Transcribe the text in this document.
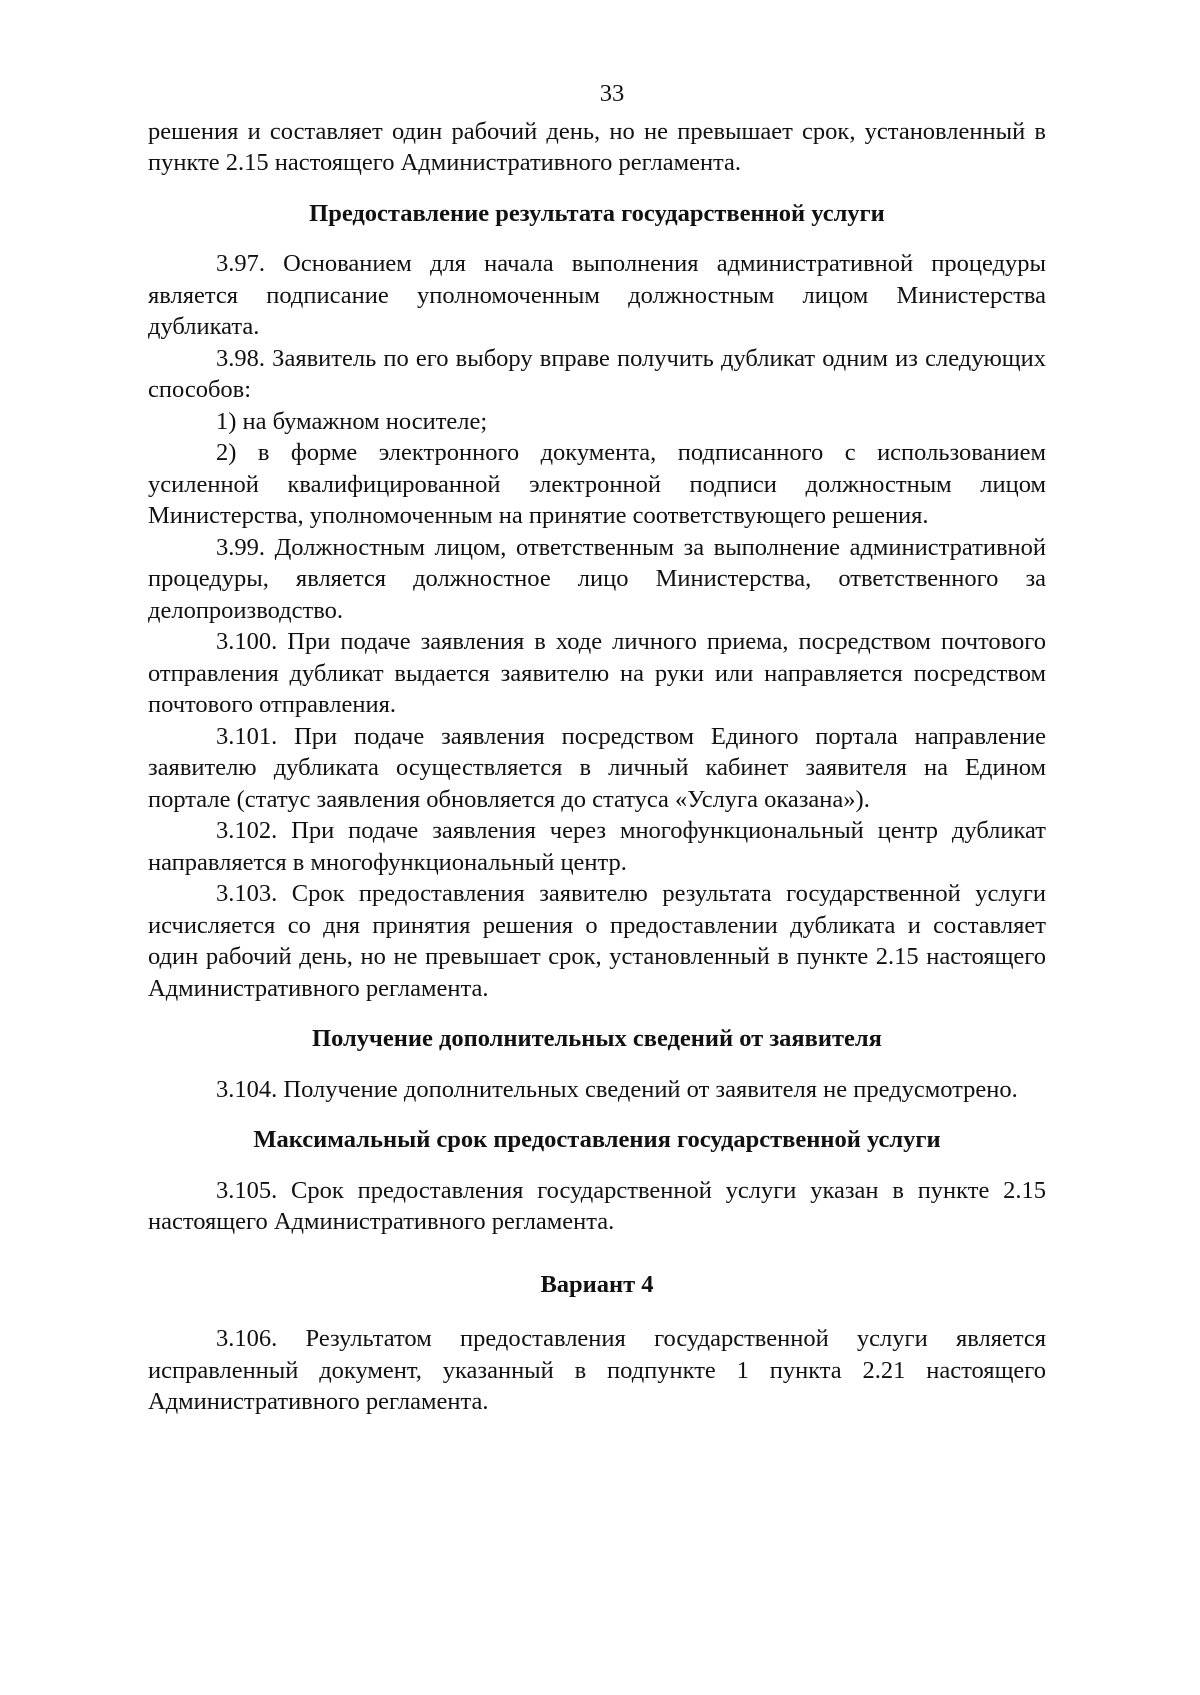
33

решения и составляет один рабочий день, но не превышает срок, установленный в пункте 2.15 настоящего Административного регламента.

Предоставление результата государственной услуги

3.97. Основанием для начала выполнения административной процедуры является подписание уполномоченным должностным лицом Министерства дубликата.

3.98. Заявитель по его выбору вправе получить дубликат одним из следующих способов:

1) на бумажном носителе;

2) в форме электронного документа, подписанного с использованием усиленной квалифицированной электронной подписи должностным лицом Министерства, уполномоченным на принятие соответствующего решения.

3.99. Должностным лицом, ответственным за выполнение административной процедуры, является должностное лицо Министерства, ответственного за делопроизводство.

3.100. При подаче заявления в ходе личного приема, посредством почтового отправления дубликат выдается заявителю на руки или направляется посредством почтового отправления.

3.101. При подаче заявления посредством Единого портала направление заявителю дубликата осуществляется в личный кабинет заявителя на Едином портале (статус заявления обновляется до статуса «Услуга оказана»).

3.102. При подаче заявления через многофункциональный центр дубликат направляется в многофункциональный центр.

3.103. Срок предоставления заявителю результата государственной услуги исчисляется со дня принятия решения о предоставлении дубликата и составляет один рабочий день, но не превышает срок, установленный в пункте 2.15 настоящего Административного регламента.

Получение дополнительных сведений от заявителя

3.104. Получение дополнительных сведений от заявителя не предусмотрено.

Максимальный срок предоставления государственной услуги

3.105. Срок предоставления государственной услуги указан в пункте 2.15 настоящего Административного регламента.

Вариант 4

3.106. Результатом предоставления государственной услуги является исправленный документ, указанный в подпункте 1 пункта 2.21 настоящего Административного регламента.
